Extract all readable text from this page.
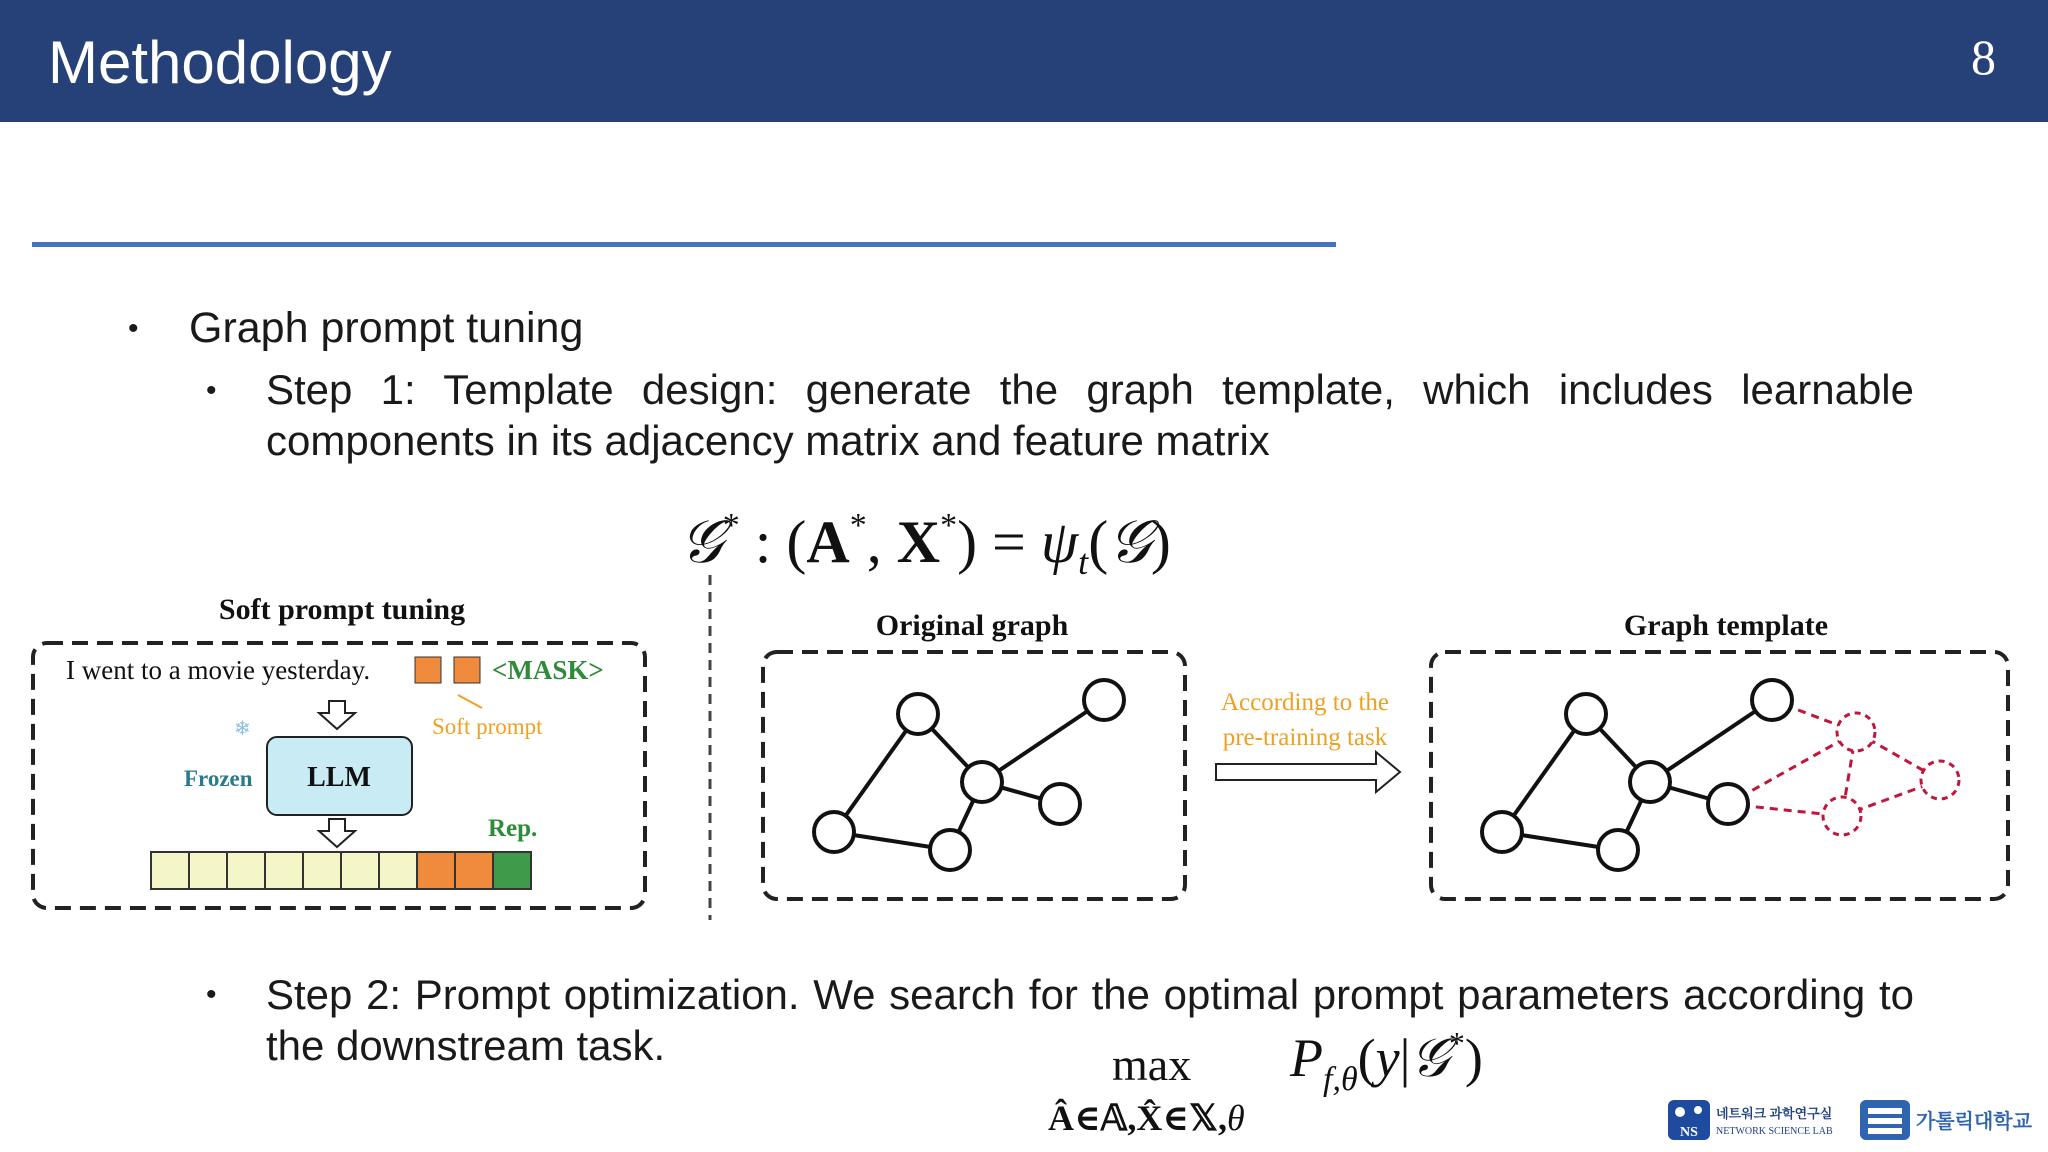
Methodology	8
• Graph prompt tuning
• Step 1: Template design: generate the graph template, which includes learnable components in its adjacency matrix and feature matrix
• Step 2: Prompt optimization. We search for the optimal prompt parameters according to the downstream task.
𝒢* : (A*, $X^*) = \psi_t(𝒢)$
max
Â∈𝔸,X̂∈𝕏,θ
$P_{f,\theta}(y|𝒢^*)$
Soft prompt tuning
I went to a movie yesterday.	<MASK>
Soft prompt
❄
Frozen LLM
Rep.
Original graph
According to the
pre-training task
Graph template
NS
네트워크 과학연구실
NETWORK SCIENCE LAB	가톨릭대학교
